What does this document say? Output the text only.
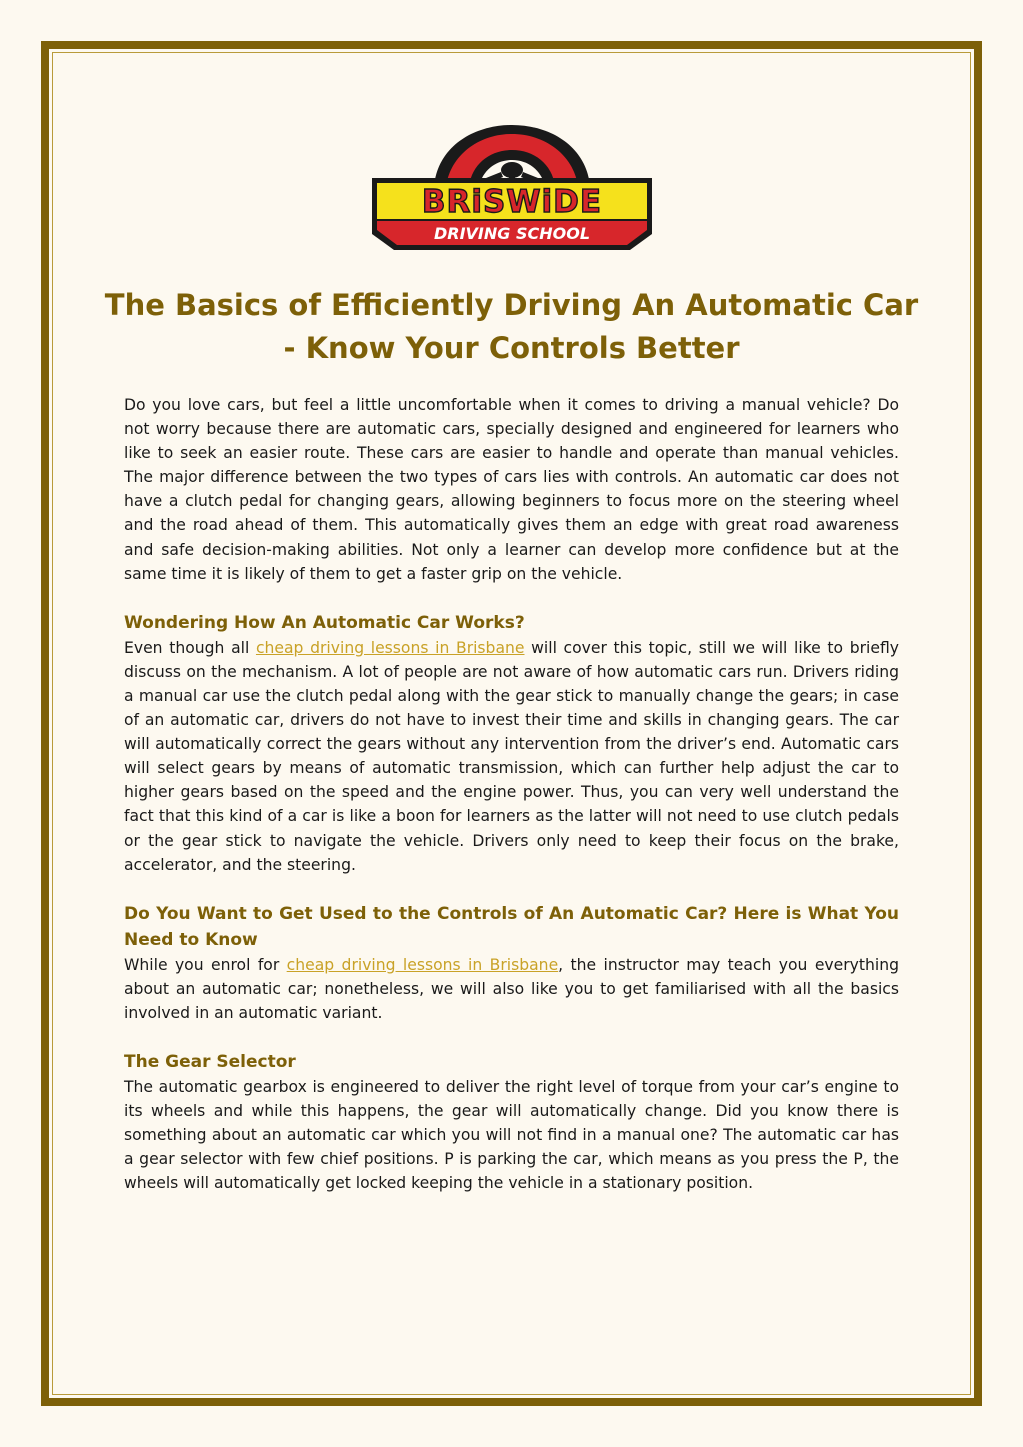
BRiSWiDE
DRIVING SCHOOL
The Basics of Efficiently Driving An Automatic Car - Know Your Controls Better

Do you love cars, but feel a little uncomfortable when it comes to driving a manual vehicle? Do not worry because there are automatic cars, specially designed and engineered for learners who like to seek an easier route. These cars are easier to handle and operate than manual vehicles. The major difference between the two types of cars lies with controls. An automatic car does not have a clutch pedal for changing gears, allowing beginners to focus more on the steering wheel and the road ahead of them. This automatically gives them an edge with great road awareness and safe decision-making abilities. Not only a learner can develop more confidence but at the same time it is likely of them to get a faster grip on the vehicle.

Wondering How An Automatic Car Works?

Even though all cheap driving lessons in Brisbane will cover this topic, still we will like to briefly discuss on the mechanism. A lot of people are not aware of how automatic cars run. Drivers riding a manual car use the clutch pedal along with the gear stick to manually change the gears; in case of an automatic car, drivers do not have to invest their time and skills in changing gears. The car will automatically correct the gears without any intervention from the driver’s end. Automatic cars will select gears by means of automatic transmission, which can further help adjust the car to higher gears based on the speed and the engine power. Thus, you can very well understand the fact that this kind of a car is like a boon for learners as the latter will not need to use clutch pedals or the gear stick to navigate the vehicle. Drivers only need to keep their focus on the brake, accelerator, and the steering.

Do You Want to Get Used to the Controls of An Automatic Car? Here is What You Need to Know

While you enrol for cheap driving lessons in Brisbane, the instructor may teach you everything about an automatic car; nonetheless, we will also like you to get familiarised with all the basics involved in an automatic variant.

The Gear Selector

The automatic gearbox is engineered to deliver the right level of torque from your car’s engine to its wheels and while this happens, the gear will automatically change. Did you know there is something about an automatic car which you will not find in a manual one? The automatic car has a gear selector with few chief positions. P is parking the car, which means as you press the P, the wheels will automatically get locked keeping the vehicle in a stationary position.
